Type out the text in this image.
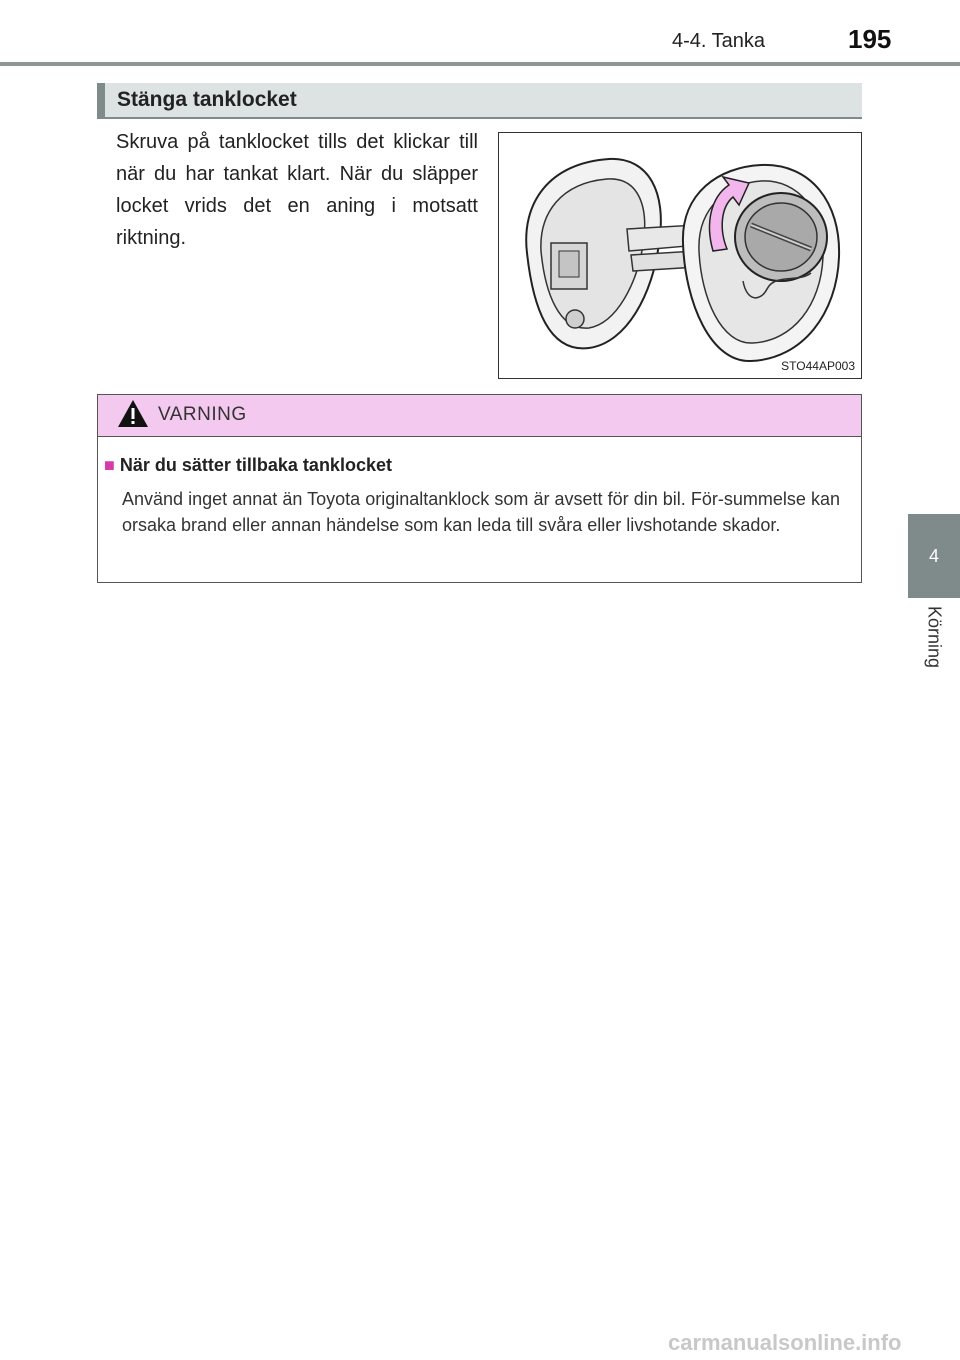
4-4. Tanka	195
4
Körning
Stänga tanklocket
Skruva på tanklocket tills det klickar till när du har tankat klart. När du släpper locket vrids det en aning i motsatt riktning.
STO44AP003
VARNING
■ När du sätter tillbaka tanklocket
Använd inget annat än Toyota originaltanklock som är avsett för din bil. För-summelse kan orsaka brand eller annan händelse som kan leda till svåra eller livshotande skador.
carmanualsonline.info
